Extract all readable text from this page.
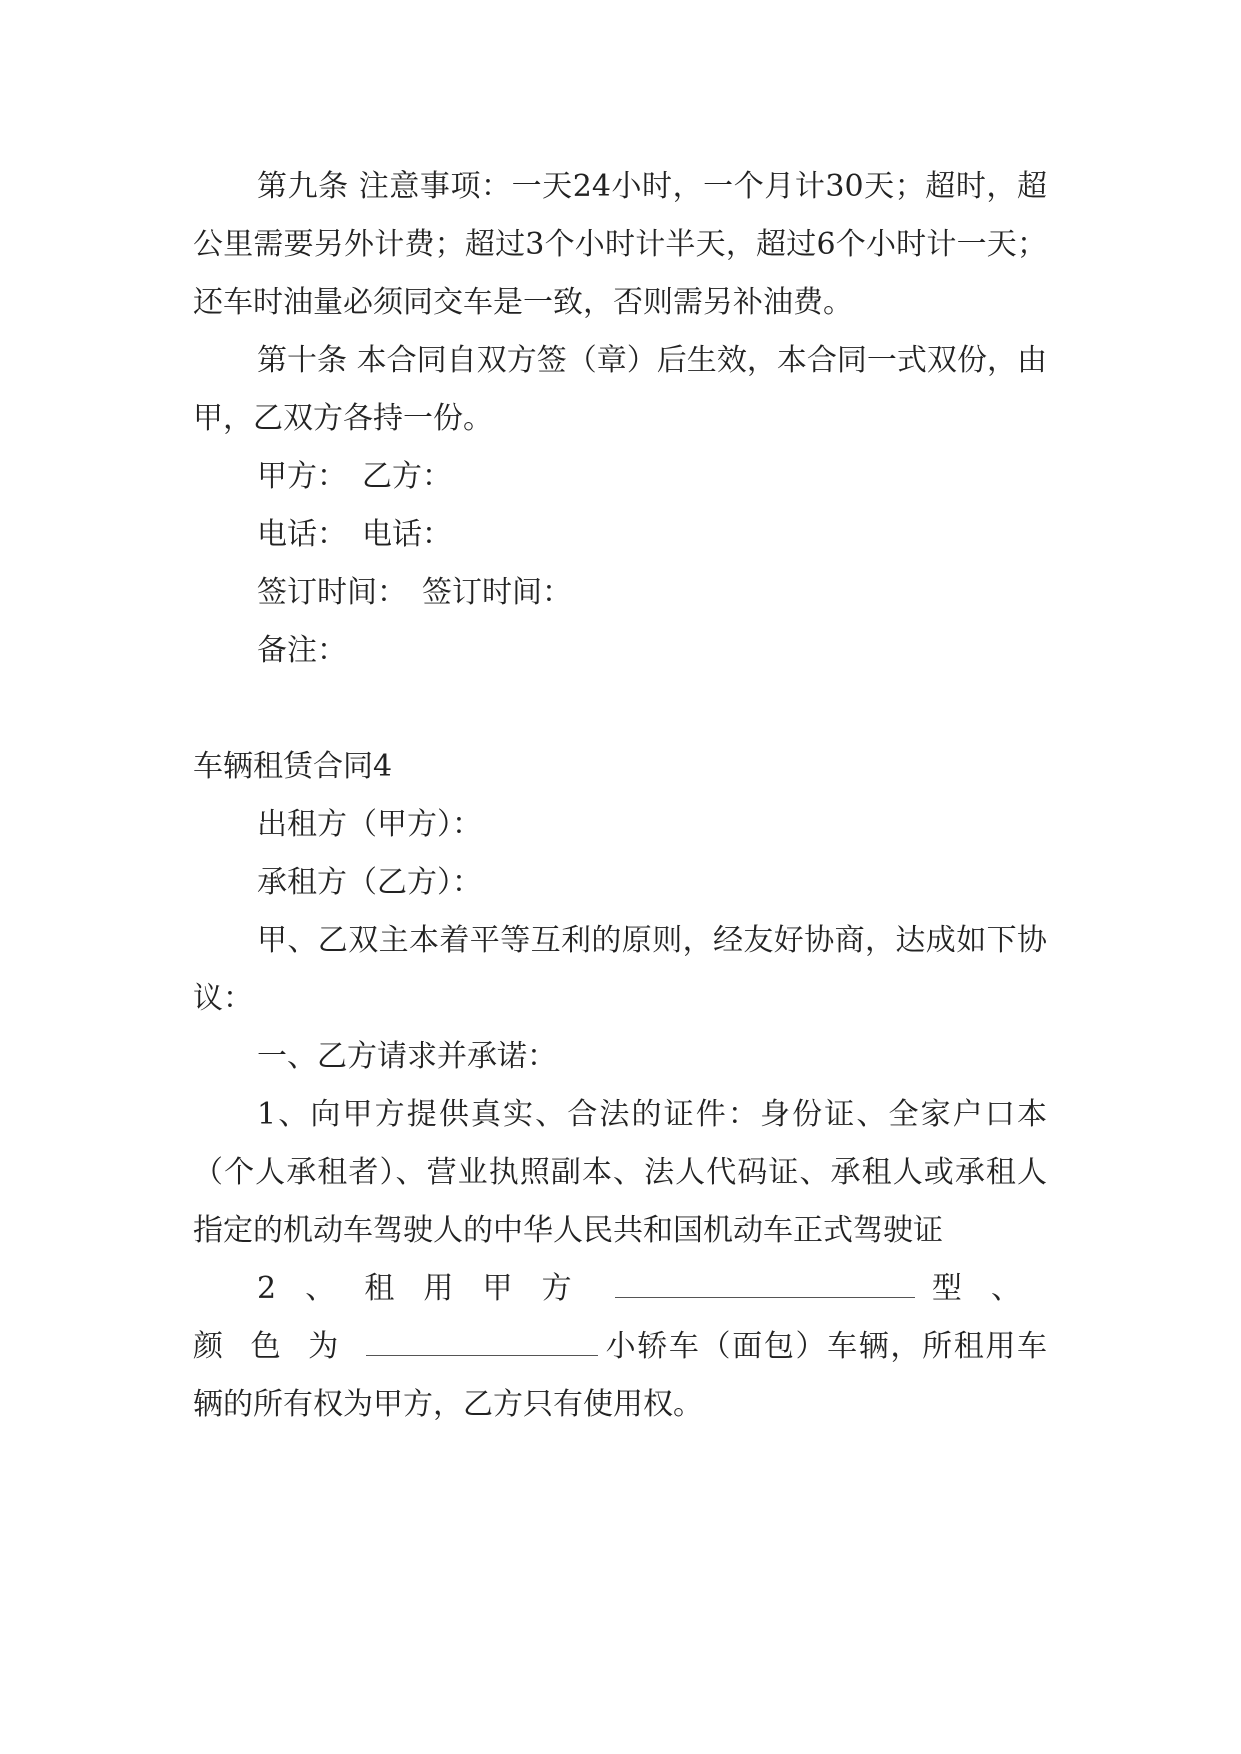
第九条 注意事项：一天24小时，一个月计30天；超时，超公里需要另外计费；超过3个小时计半天，超过6个小时计一天；还车时油量必须同交车是一致，否则需另补油费。

第十条 本合同自双方签（章）后生效，本合同一式双份，由甲，乙双方各持一份。

甲方：　乙方：

电话：　电话：

签订时间：　签订时间：

备注：

车辆租赁合同4

出租方（甲方）：

承租方（乙方）：

甲、乙双主本着平等互利的原则，经友好协商，达成如下协议：

一、乙方请求并承诺：

1、向甲方提供真实、合法的证件：身份证、全家户口本（个人承租者）、营业执照副本、法人代码证、承租人或承租人指定的机动车驾驶人的中华人民共和国机动车正式驾驶证

2、租用甲方	型、颜色为	小轿车（面包）车辆，所租用车辆的所有权为甲方，乙方只有使用权。
